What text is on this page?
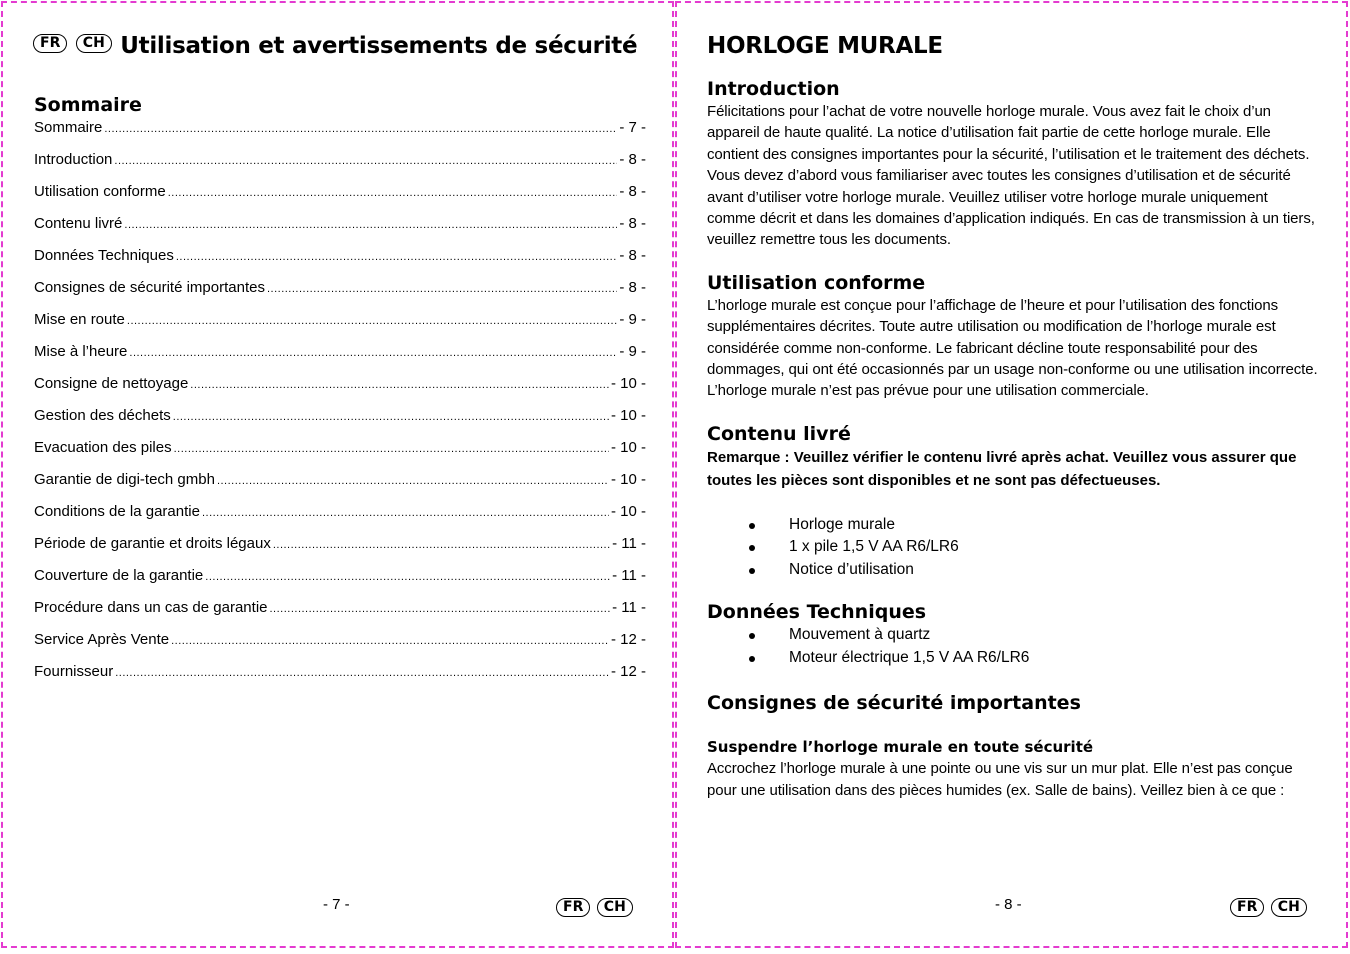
FR CH Utilisation et avertissements de sécurité
Sommaire
Sommaire .....	- 7 -
Introduction .....	- 8 -
Utilisation conforme .....	- 8 -
Contenu livré .....	- 8 -
Données Techniques .....	- 8 -
Consignes de sécurité importantes .....	- 8 -
Mise en route .....	- 9 -
Mise à l’heure .....	- 9 -
Consigne de nettoyage .....	- 10 -
Gestion des déchets .....	- 10 -
Evacuation des piles .....	- 10 -
Garantie de digi-tech gmbh .....	- 10 -
Conditions de la garantie .....	- 10 -
Période de garantie et droits légaux .....	- 11 -
Couverture de la garantie .....	- 11 -
Procédure dans un cas de garantie .....	- 11 -
Service Après Vente .....	- 12 -
Fournisseur .....	- 12 -
- 7 -	FR CH
HORLOGE MURALE
Introduction

Félicitations pour l’achat de votre nouvelle horloge murale. Vous avez fait le choix d’un appareil de haute qualité. La notice d’utilisation fait partie de cette horloge murale. Elle contient des consignes importantes pour la sécurité, l’utilisation et le traitement des déchets. Vous devez d’abord vous familiariser avec toutes les consignes d’utilisation et de sécurité avant d’utiliser votre horloge murale. Veuillez utiliser votre horloge murale uniquement comme décrit et dans les domaines d’application indiqués. En cas de transmission à un tiers, veuillez remettre tous les documents.

Utilisation conforme

L’horloge murale est conçue pour l’affichage de l’heure et pour l’utilisation des fonctions supplémentaires décrites. Toute autre utilisation ou modification de l’horloge murale est considérée comme non-conforme. Le fabricant décline toute responsabilité pour des dommages, qui ont été occasionnés par un usage non-conforme ou une utilisation incorrecte. L’horloge murale n’est pas prévue pour une utilisation commerciale.

Contenu livré

Remarque : Veuillez vérifier le contenu livré après achat. Veuillez vous assurer que toutes les pièces sont disponibles et ne sont pas défectueuses.

Horloge murale
1 x pile 1,5 V AA R6/LR6
Notice d’utilisation
Données Techniques
Mouvement à quartz
Moteur électrique 1,5 V AA R6/LR6
Consignes de sécurité importantes
Suspendre l’horloge murale en toute sécurité

Accrochez l’horloge murale à une pointe ou une vis sur un mur plat. Elle n’est pas conçue pour une utilisation dans des pièces humides (ex. Salle de bains). Veillez bien à ce que :

- 8 -	FR CH
